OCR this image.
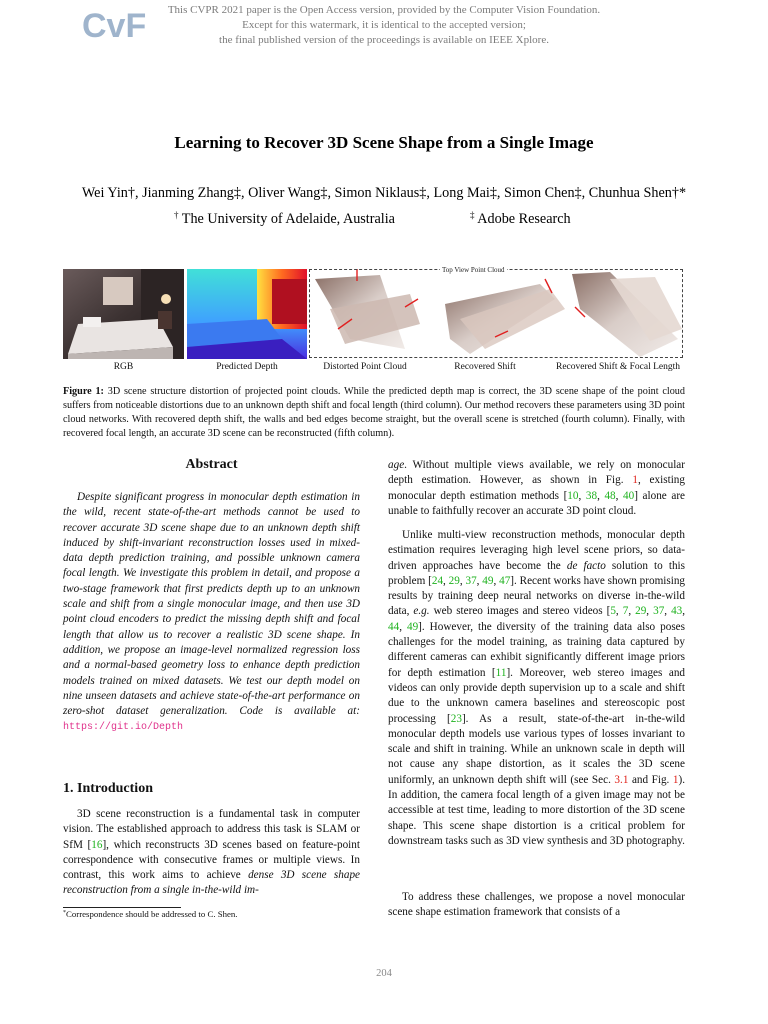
CvF	This CVPR 2021 paper is the Open Access version, provided by the Computer Vision Foundation.
Except for this watermark, it is identical to the accepted version;
the final published version of the proceedings is available on IEEE Xplore.
Learning to Recover 3D Scene Shape from a Single Image
Wei Yin†, Jianming Zhang‡, Oliver Wang‡, Simon Niklaus‡, Long Mai‡, Simon Chen‡, Chunhua Shen†*
† The University of Adelaide, Australia	‡ Adobe Research
Top View Point Cloud
RGB	Predicted Depth	Distorted Point Cloud	Recovered Shift	Recovered Shift & Focal Length
Figure 1: 3D scene structure distortion of projected point clouds. While the predicted depth map is correct, the 3D scene shape of the point cloud suffers from noticeable distortions due to an unknown depth shift and focal length (third column). Our method recovers these parameters using 3D point cloud networks. With recovered depth shift, the walls and bed edges become straight, but the overall scene is stretched (fourth column). Finally, with recovered focal length, an accurate 3D scene can be reconstructed (fifth column).
Abstract
Despite significant progress in monocular depth estimation in the wild, recent state-of-the-art methods cannot be used to recover accurate 3D scene shape due to an unknown depth shift induced by shift-invariant reconstruction losses used in mixed-data depth prediction training, and possible unknown camera focal length. We investigate this problem in detail, and propose a two-stage framework that first predicts depth up to an unknown scale and shift from a single monocular image, and then use 3D point cloud encoders to predict the missing depth shift and focal length that allow us to recover a realistic 3D scene shape. In addition, we propose an image-level normalized regression loss and a normal-based geometry loss to enhance depth prediction models trained on mixed datasets. We test our depth model on nine unseen datasets and achieve state-of-the-art performance on zero-shot dataset generalization. Code is available at: https://git.io/Depth
1. Introduction
3D scene reconstruction is a fundamental task in computer vision. The established approach to address this task is SLAM or SfM [16], which reconstructs 3D scenes based on feature-point correspondence with consecutive frames or multiple views. In contrast, this work aims to achieve dense 3D scene shape reconstruction from a single in-the-wild im-
*Correspondence should be addressed to C. Shen.
age. Without multiple views available, we rely on monocular depth estimation. However, as shown in Fig. 1, existing monocular depth estimation methods [10, 38, 48, 40] alone are unable to faithfully recover an accurate 3D point cloud.
Unlike multi-view reconstruction methods, monocular depth estimation requires leveraging high level scene priors, so data-driven approaches have become the de facto solution to this problem [24, 29, 37, 49, 47]. Recent works have shown promising results by training deep neural networks on diverse in-the-wild data, e.g. web stereo images and stereo videos [5, 7, 29, 37, 43, 44, 49]. However, the diversity of the training data also poses challenges for the model training, as training data captured by different cameras can exhibit significantly different image priors for depth estimation [11]. Moreover, web stereo images and videos can only provide depth supervision up to a scale and shift due to the unknown camera baselines and stereoscopic post processing [23]. As a result, state-of-the-art in-the-wild monocular depth models use various types of losses invariant to scale and shift in training. While an unknown scale in depth will not cause any shape distortion, as it scales the 3D scene uniformly, an unknown depth shift will (see Sec. 3.1 and Fig. 1). In addition, the camera focal length of a given image may not be accessible at test time, leading to more distortion of the 3D scene shape. This scene shape distortion is a critical problem for downstream tasks such as 3D view synthesis and 3D photography.
To address these challenges, we propose a novel monocular scene shape estimation framework that consists of a
204
